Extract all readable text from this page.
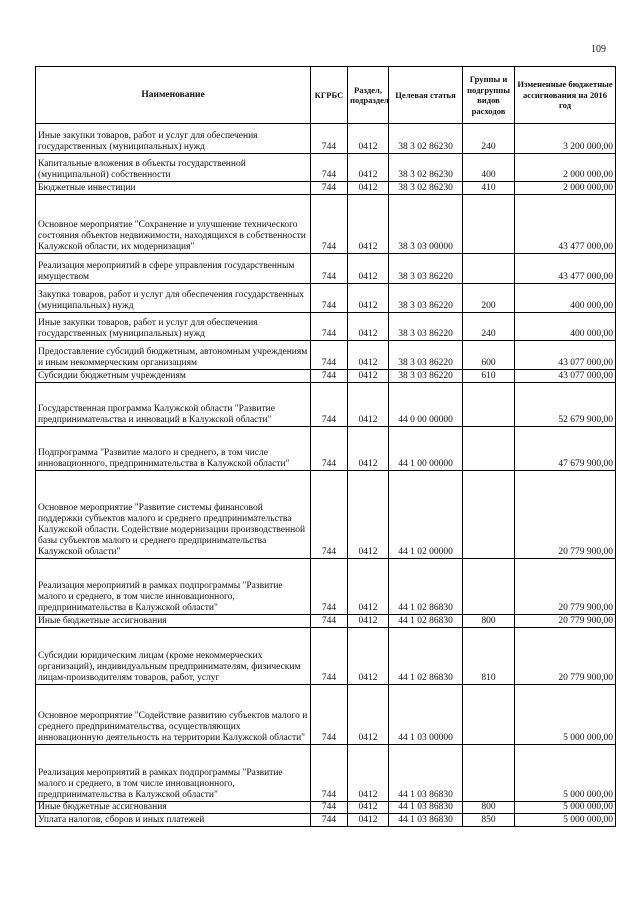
109
Наименование	КГРБС	Раздел, подраздел	Целевая статья	Группы и подгруппы видов расходов	Измененные бюджетные ассигнования на 2016 год
Иные закупки товаров, работ и услуг для обеспечения государственных (муниципальных) нужд	744	0412	38 3 02 86230	240	3 200 000,00
Капитальные вложения в объекты государственной (муниципальной) собственности	744	0412	38 3 02 86230	400	2 000 000,00
Бюджетные инвестиции	744	0412	38 3 02 86230	410	2 000 000,00
Основное мероприятие "Сохранение и улучшение технического состояния объектов недвижимости, находящихся в собственности Калужской области, их модернизация"	744	0412	38 3 03 00000		43 477 000,00
Реализация мероприятий в сфере управления государственным имуществом	744	0412	38 3 03 86220		43 477 000,00
Закупка товаров, работ и услуг для обеспечения государственных (муниципальных) нужд	744	0412	38 3 03 86220	200	400 000,00
Иные закупки товаров, работ и услуг для обеспечения государственных (муниципальных) нужд	744	0412	38 3 03 86220	240	400 000,00
Предоставление субсидий бюджетным, автономным учреждениям и иным некоммерческим организациям	744	0412	38 3 03 86220	600	43 077 000,00
Субсидии бюджетным учреждениям	744	0412	38 3 03 86220	610	43 077 000,00
Государственная программа Калужской области "Развитие предпринимательства и инноваций в Калужской области"	744	0412	44 0 00 00000		52 679 900,00
Подпрограмма "Развитие малого и среднего, в том числе инновационного, предпринимательства в Калужской области"	744	0412	44 1 00 00000		47 679 900,00
Основное мероприятие "Развитие системы финансовой поддержки субъектов малого и среднего предпринимательства Калужской области. Содействие модернизации производственной базы субъектов малого и среднего предпринимательства Калужской области"	744	0412	44 1 02 00000		20 779 900,00
Реализация мероприятий в рамках подпрограммы "Развитие малого и среднего, в том числе инновационного, предпринимательства в Калужской области"	744	0412	44 1 02 86830		20 779 900,00
Иные бюджетные ассигнования	744	0412	44 1 02 86830	800	20 779 900,00
Субсидии юридическим лицам (кроме некоммерческих организаций), индивидуальным предпринимателям, физическим лицам-производителям товаров, работ, услуг	744	0412	44 1 02 86830	810	20 779 900,00
Основное мероприятие "Содействие развитию субъектов малого и среднего предпринимательства, осуществляющих инновационную деятельность на территории Калужской области"	744	0412	44 1 03 00000		5 000 000,00
Реализация мероприятий в рамках подпрограммы "Развитие малого и среднего, в том числе инновационного, предпринимательства в Калужской области"	744	0412	44 1 03 86830		5 000 000,00
Иные бюджетные ассигнования	744	0412	44 1 03 86830	800	5 000 000,00
Уплата налогов, сборов и иных платежей	744	0412	44 1 03 86830	850	5 000 000,00
